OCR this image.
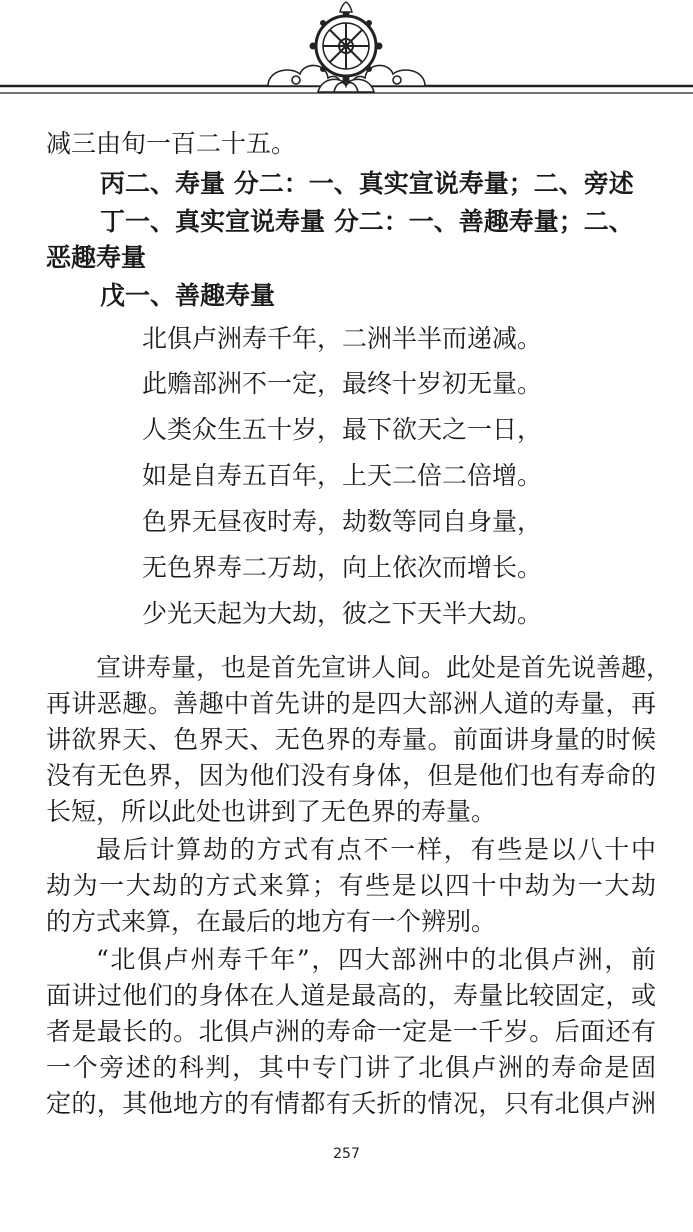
减三由旬一百二十五。
丙二、寿量 分二：一、真实宣说寿量；二、旁述
丁一、真实宣说寿量 分二：一、善趣寿量；二、
恶趣寿量
戊一、善趣寿量
北俱卢洲寿千年，二洲半半而递减。
此赡部洲不一定，最终十岁初无量。
人类众生五十岁，最下欲天之一日，
如是自寿五百年，上天二倍二倍增。
色界无昼夜时寿，劫数等同自身量，
无色界寿二万劫，向上依次而增长。
少光天起为大劫，彼之下天半大劫。
宣讲寿量，也是首先宣讲人间。此处是首先说善趣，
再讲恶趣。善趣中首先讲的是四大部洲人道的寿量，再
讲欲界天、色界天、无色界的寿量。前面讲身量的时候
没有无色界，因为他们没有身体，但是他们也有寿命的
长短，所以此处也讲到了无色界的寿量。
最后计算劫的方式有点不一样，有些是以八十中
劫为一大劫的方式来算；有些是以四十中劫为一大劫
的方式来算，在最后的地方有一个辨别。
“北俱卢州寿千年”，四大部洲中的北俱卢洲，前
面讲过他们的身体在人道是最高的，寿量比较固定，或
者是最长的。北俱卢洲的寿命一定是一千岁。后面还有
一个旁述的科判，其中专门讲了北俱卢洲的寿命是固
定的，其他地方的有情都有夭折的情况，只有北俱卢洲
257
